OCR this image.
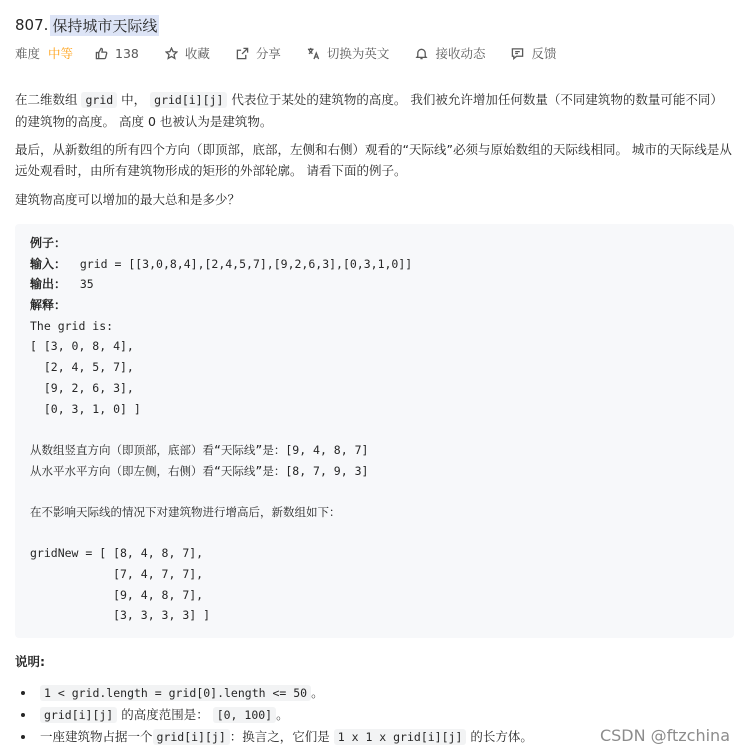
807. 保持城市天际线
难度 中等	138	收藏	分享	切换为英文	接收动态	反馈
在二维数组 grid 中， grid[i][j] 代表位于某处的建筑物的高度。 我们被允许增加任何数量（不同建筑物的数量可能不同）的建筑物的高度。 高度 0 也被认为是建筑物。
最后，从新数组的所有四个方向（即顶部，底部，左侧和右侧）观看的“天际线”必须与原始数组的天际线相同。 城市的天际线是从远处观看时，由所有建筑物形成的矩形的外部轮廓。 请看下面的例子。
建筑物高度可以增加的最大总和是多少？
例子：
输入：  grid = [[3,0,8,4],[2,4,5,7],[9,2,6,3],[0,3,1,0]]
输出：  35
解释：
The grid is:
[ [3, 0, 8, 4],
[2, 4, 5, 7],
[9, 2, 6, 3],
[0, 3, 1, 0] ]
从数组竖直方向（即顶部，底部）看“天际线”是：[9, 4, 8, 7]
从水平水平方向（即左侧，右侧）看“天际线”是：[8, 7, 9, 3]
在不影响天际线的情况下对建筑物进行增高后，新数组如下：
gridNew = [ [8, 4, 8, 7],
[7, 4, 7, 7],
[9, 4, 8, 7],
[3, 3, 3, 3] ]
说明:
• 1 < grid.length = grid[0].length <= 50 。
• grid[i][j] 的高度范围是： [0, 100] 。
• 一座建筑物占据一个 grid[i][j] ：换言之，它们是 1 x 1 x grid[i][j] 的长方体。	CSDN @ftzchina
